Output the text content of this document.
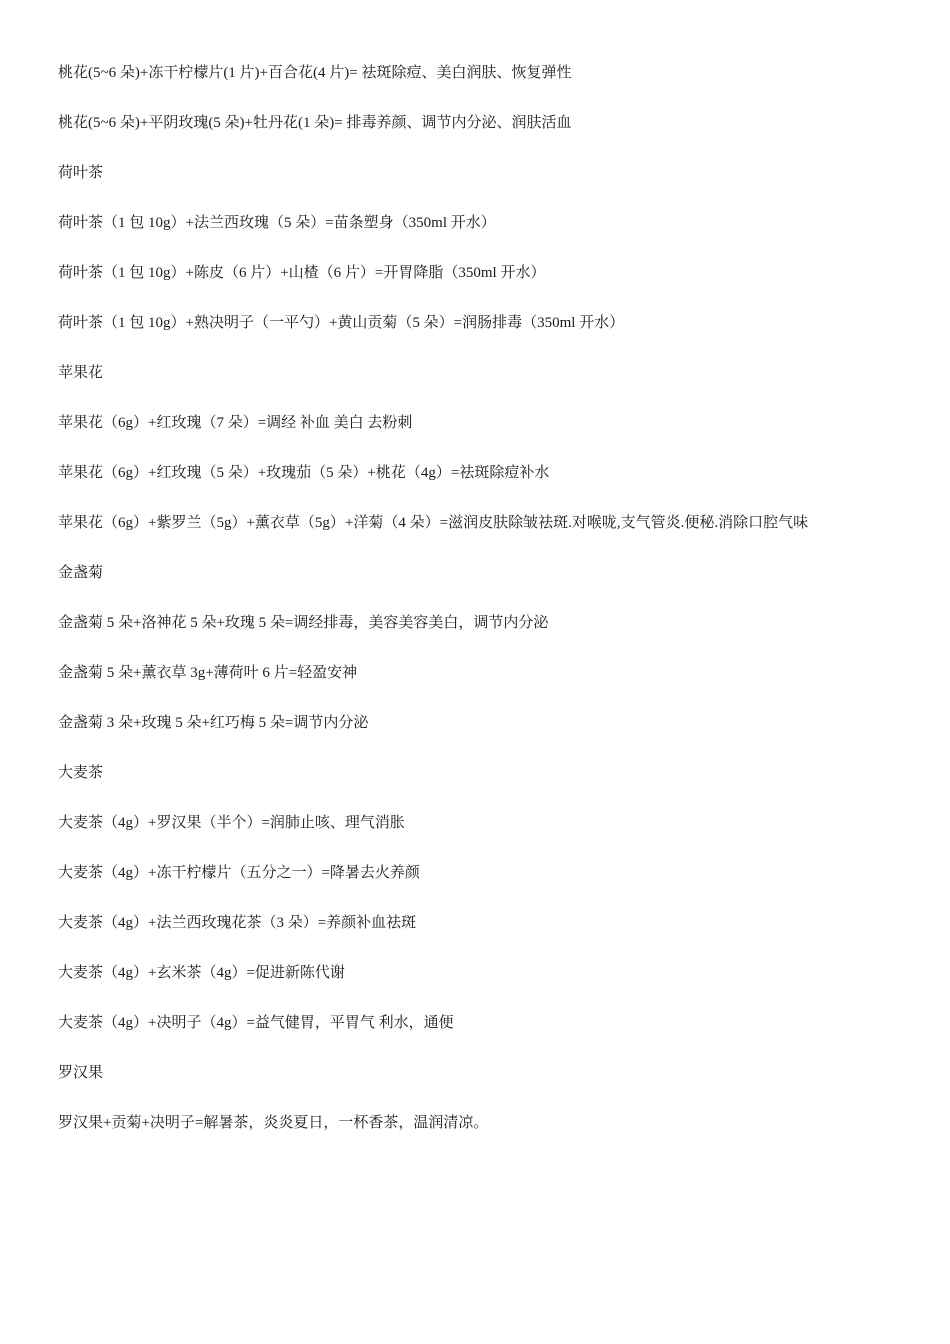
桃花(5~6 朵)+冻干柠檬片(1 片)+百合花(4 片)= 祛斑除痘、美白润肤、恢复弹性
桃花(5~6 朵)+平阴玫瑰(5 朵)+牡丹花(1 朵)= 排毒养颜、调节内分泌、润肤活血
荷叶茶
荷叶茶（1 包 10g）+法兰西玫瑰（5 朵）=苗条塑身（350ml 开水）
荷叶茶（1 包 10g）+陈皮（6 片）+山楂（6 片）=开胃降脂（350ml 开水）
荷叶茶（1 包 10g）+熟决明子（一平勺）+黄山贡菊（5 朵）=润肠排毒（350ml 开水）
苹果花
苹果花（6g）+红玫瑰（7 朵）=调经 补血 美白 去粉刺
苹果花（6g）+红玫瑰（5 朵）+玫瑰茄（5 朵）+桃花（4g）=祛斑除痘补水
苹果花（6g）+紫罗兰（5g）+薰衣草（5g）+洋菊（4 朵）=滋润皮肤除皱祛斑.对喉咙,支气管炎.便秘.消除口腔气味
金盏菊
金盏菊 5 朵+洛神花 5 朵+玫瑰 5 朵=调经排毒，美容美容美白，调节内分泌
金盏菊 5 朵+薰衣草 3g+薄荷叶 6 片=轻盈安神
金盏菊 3 朵+玫瑰 5 朵+红巧梅 5 朵=调节内分泌
大麦茶
大麦茶（4g）+罗汉果（半个）=润肺止咳、理气消胀
大麦茶（4g）+冻干柠檬片（五分之一）=降暑去火养颜
大麦茶（4g）+法兰西玫瑰花茶（3 朵）=养颜补血祛斑
大麦茶（4g）+玄米茶（4g）=促进新陈代谢
大麦茶（4g）+决明子（4g）=益气健胃，平胃气 利水，通便
罗汉果
罗汉果+贡菊+决明子=解暑茶，炎炎夏日，一杯香茶，温润清凉。
